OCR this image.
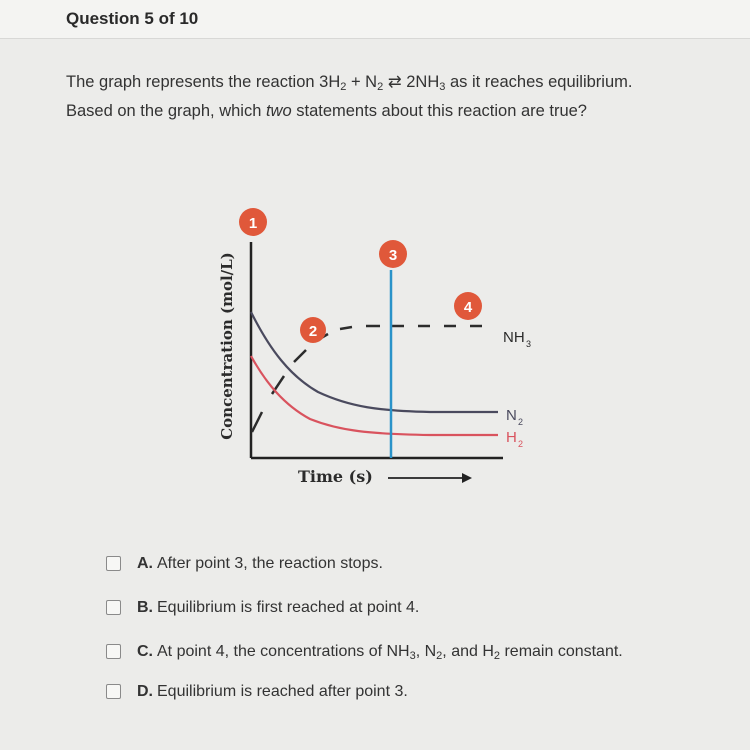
Question 5 of 10
The graph represents the reaction $3H_2 + N_2$ ⇄ $2NH_3$ as it reaches equilibrium. Based on the graph, which two statements about this reaction are true?
Concentration (mol/L)
Time (s)
1
2
3
4
NH 3
N 2
H 2
A. After point 3, the reaction stops.
B. Equilibrium is first reached at point 4.
C. At point 4, the concentrations of $NH_3$, $N_2$, and $H_2$ remain constant.
D. Equilibrium is reached after point 3.
